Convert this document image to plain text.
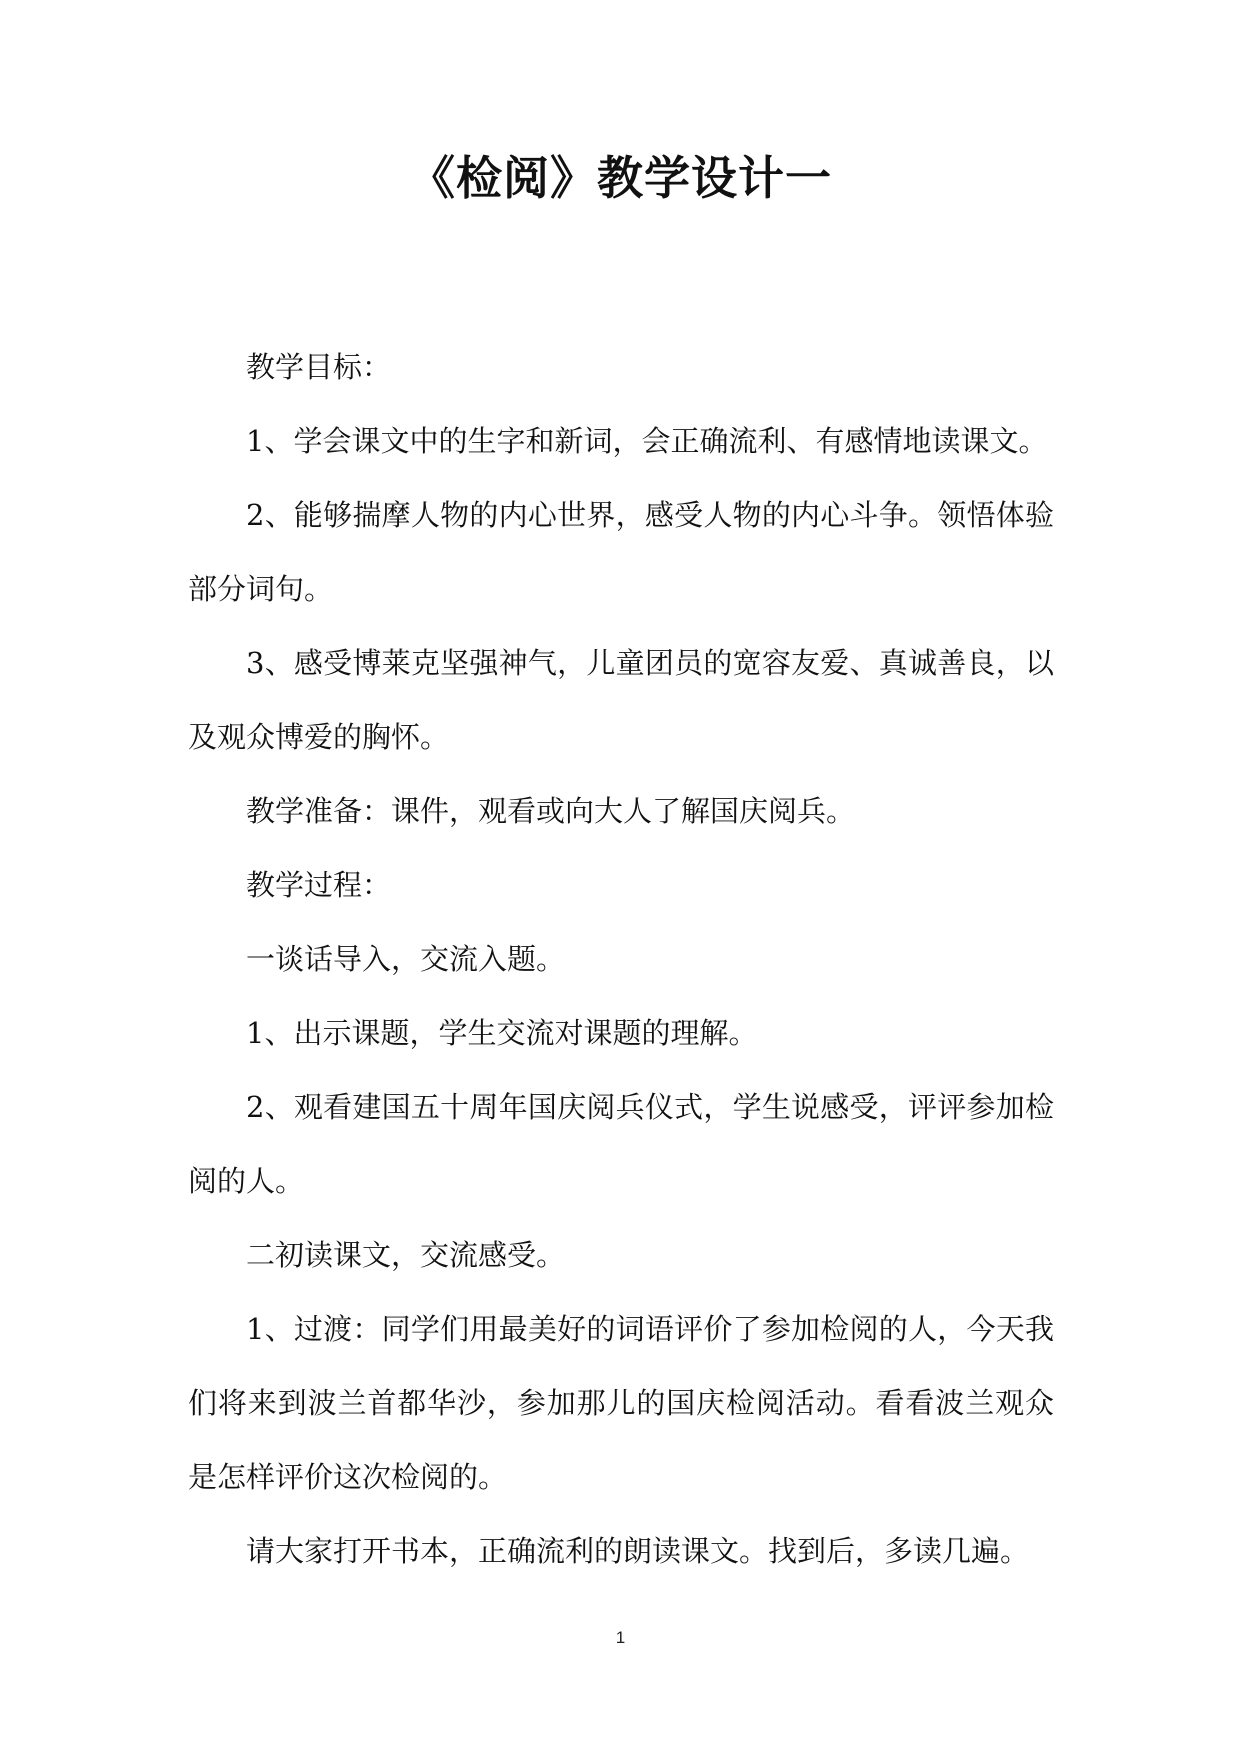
《检阅》教学设计一

教学目标：

1、学会课文中的生字和新词，会正确流利、有感情地读课文。

2、能够揣摩人物的内心世界，感受人物的内心斗争。领悟体验部分词句。

3、感受博莱克坚强神气，儿童团员的宽容友爱、真诚善良，以及观众博爱的胸怀。

教学准备：课件，观看或向大人了解国庆阅兵。

教学过程：

一谈话导入，交流入题。

1、出示课题，学生交流对课题的理解。

2、观看建国五十周年国庆阅兵仪式，学生说感受，评评参加检阅的人。

二初读课文，交流感受。

1、过渡：同学们用最美好的词语评价了参加检阅的人，今天我们将来到波兰首都华沙，参加那儿的国庆检阅活动。看看波兰观众是怎样评价这次检阅的。

请大家打开书本，正确流利的朗读课文。找到后，多读几遍。

1
